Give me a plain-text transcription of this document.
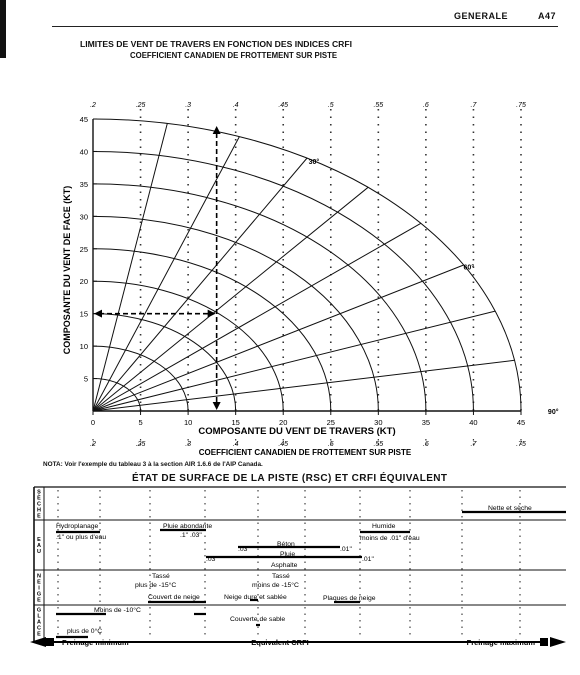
GENERALE	A47
LIMITES DE VENT DE TRAVERS EN FONCTION DES INDICES CRFI
COEFFICIENT CANADIEN DE FROTTEMENT SUR PISTE
.2	.25	.3	.4	.45	.5	.55	.6	.7	.75
.2	.25	.3	.4	.45	.5	.55	.6	.7	.75
30°
60°
90°
5
10
15
20
25
30
35
40
45
0	5	10	15	20	25	30	35	40	45
COMPOSANTE DU VENT DE TRAVERS (KT)
COEFFICIENT CANADIEN DE FROTTEMENT SUR PISTE
COMPOSANTE DU VENT DE FACE (KT)
NOTA: Voir l'exemple du tableau 3 à la section AIR 1.6.6 de l'AIP Canada.
ÉTAT DE SURFACE DE LA PISTE (RSC) ET CRFI ÉQUIVALENT
S È C H E
E A U
N E I G E
G L A C E
Nette et sèche
Hydroplanage
.1" ou plus d'eau
Pluie abondante
.1" .03"
Humide
moins de .01" d'eau
Béton
.03"	.01"
Pluie
.03"
Asphalte
.01"
Tassé
plus de -15°C
Tassé
moins de -15°C
Couvert de neige	Neige dure et sablée	Plaques de neige
Moins de -10°C
Couverte de sable
plus de 0°C
Freinage minimum	Equivalent CRFI	Freinage maximum
